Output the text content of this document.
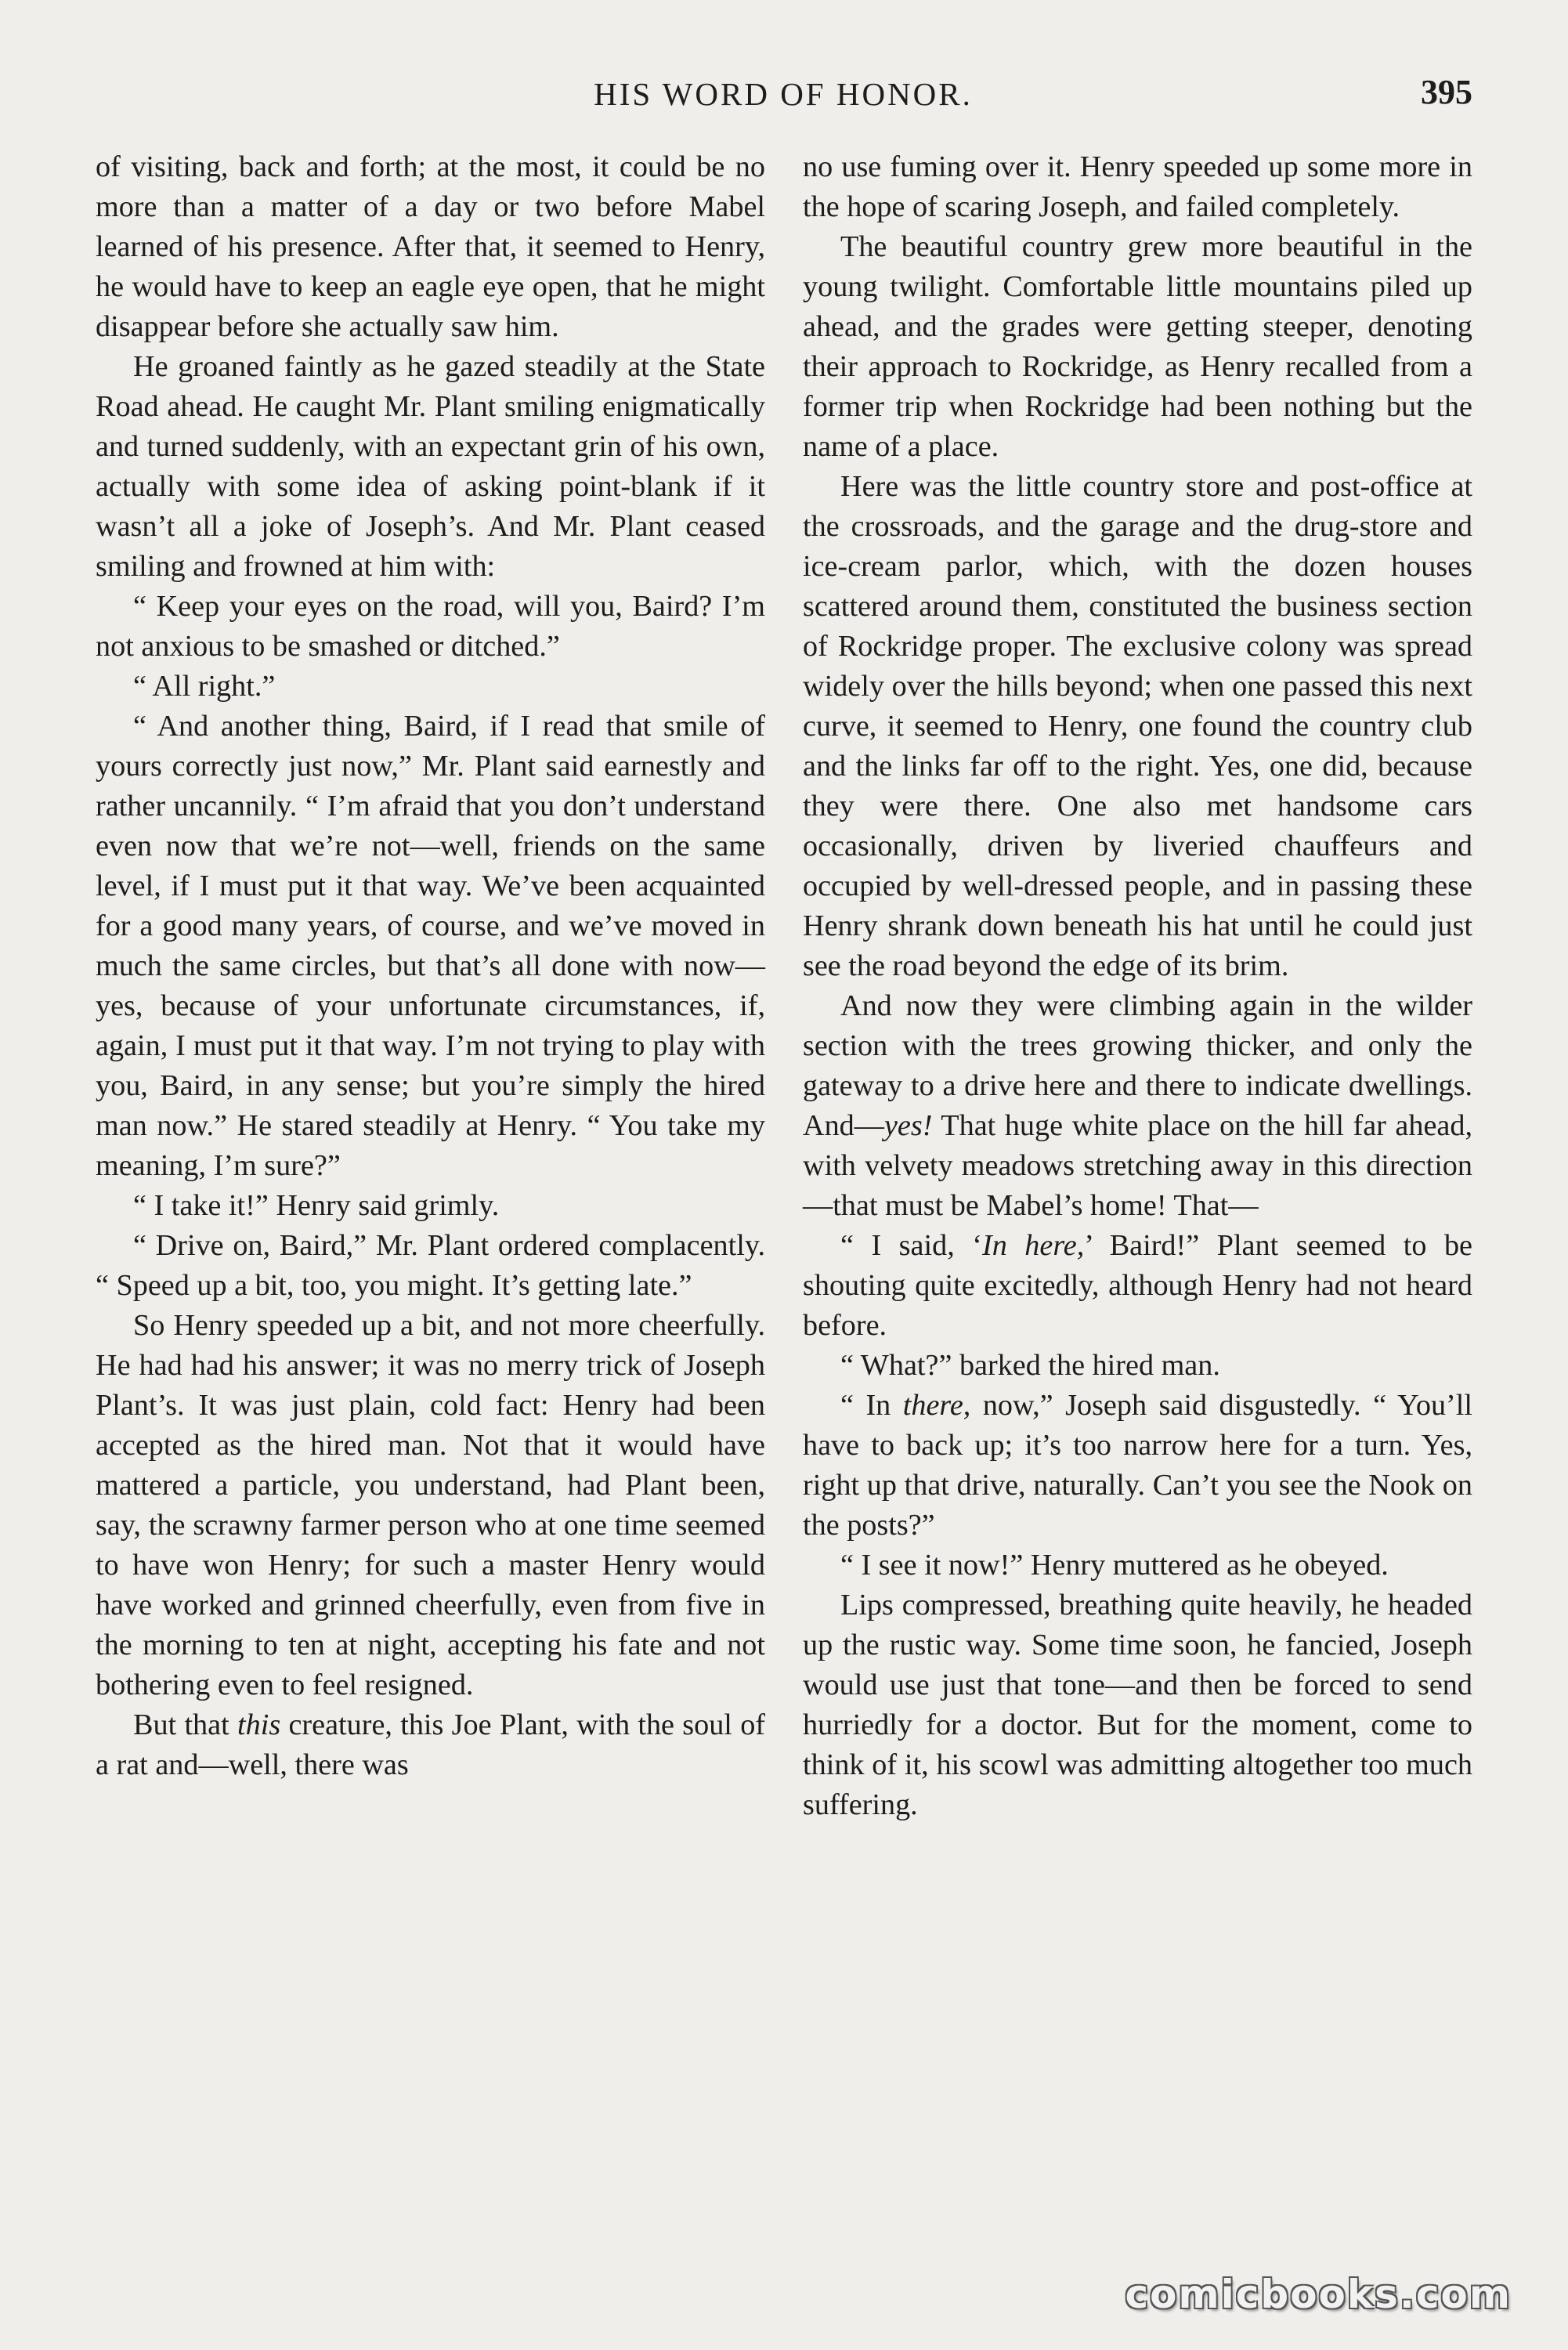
HIS WORD OF HONOR.	395

of visiting, back and forth; at the most, it could be no more than a matter of a day or two before Mabel learned of his presence. After that, it seemed to Henry, he would have to keep an eagle eye open, that he might disappear before she actually saw him.

He groaned faintly as he gazed steadily at the State Road ahead. He caught Mr. Plant smiling enigmatically and turned suddenly, with an expectant grin of his own, actually with some idea of asking point-blank if it wasn’t all a joke of Joseph’s. And Mr. Plant ceased smiling and frowned at him with:

“ Keep your eyes on the road, will you, Baird? I’m not anxious to be smashed or ditched.”

“ All right.”

“ And another thing, Baird, if I read that smile of yours correctly just now,” Mr. Plant said earnestly and rather uncannily. “ I’m afraid that you don’t understand even now that we’re not—well, friends on the same level, if I must put it that way. We’ve been acquainted for a good many years, of course, and we’ve moved in much the same circles, but that’s all done with now—yes, because of your unfortunate circumstances, if, again, I must put it that way. I’m not trying to play with you, Baird, in any sense; but you’re simply the hired man now.” He stared steadily at Henry. “ You take my meaning, I’m sure?”

“ I take it!” Henry said grimly.

“ Drive on, Baird,” Mr. Plant ordered complacently. “ Speed up a bit, too, you might. It’s getting late.”

So Henry speeded up a bit, and not more cheerfully. He had had his answer; it was no merry trick of Joseph Plant’s. It was just plain, cold fact: Henry had been accepted as the hired man. Not that it would have mattered a particle, you understand, had Plant been, say, the scrawny farmer person who at one time seemed to have won Henry; for such a master Henry would have worked and grinned cheerfully, even from five in the morning to ten at night, accepting his fate and not bothering even to feel resigned.

But that this creature, this Joe Plant, with the soul of a rat and—well, there was

no use fuming over it. Henry speeded up some more in the hope of scaring Joseph, and failed completely.

The beautiful country grew more beautiful in the young twilight. Comfortable little mountains piled up ahead, and the grades were getting steeper, denoting their approach to Rockridge, as Henry recalled from a former trip when Rockridge had been nothing but the name of a place.

Here was the little country store and post-office at the crossroads, and the garage and the drug-store and ice-cream parlor, which, with the dozen houses scattered around them, constituted the business section of Rockridge proper. The exclusive colony was spread widely over the hills beyond; when one passed this next curve, it seemed to Henry, one found the country club and the links far off to the right. Yes, one did, because they were there. One also met handsome cars occasionally, driven by liveried chauffeurs and occupied by well-dressed people, and in passing these Henry shrank down beneath his hat until he could just see the road beyond the edge of its brim.

And now they were climbing again in the wilder section with the trees growing thicker, and only the gateway to a drive here and there to indicate dwellings. And—yes! That huge white place on the hill far ahead, with velvety meadows stretching away in this direction—that must be Mabel’s home! That—

“ I said, ‘In here,’ Baird!” Plant seemed to be shouting quite excitedly, although Henry had not heard before.

“ What?” barked the hired man.

“ In there, now,” Joseph said disgustedly. “ You’ll have to back up; it’s too narrow here for a turn. Yes, right up that drive, naturally. Can’t you see the Nook on the posts?”

“ I see it now!” Henry muttered as he obeyed.

Lips compressed, breathing quite heavily, he headed up the rustic way. Some time soon, he fancied, Joseph would use just that tone—and then be forced to send hurriedly for a doctor. But for the moment, come to think of it, his scowl was admitting altogether too much suffering.

comicbooks.com
